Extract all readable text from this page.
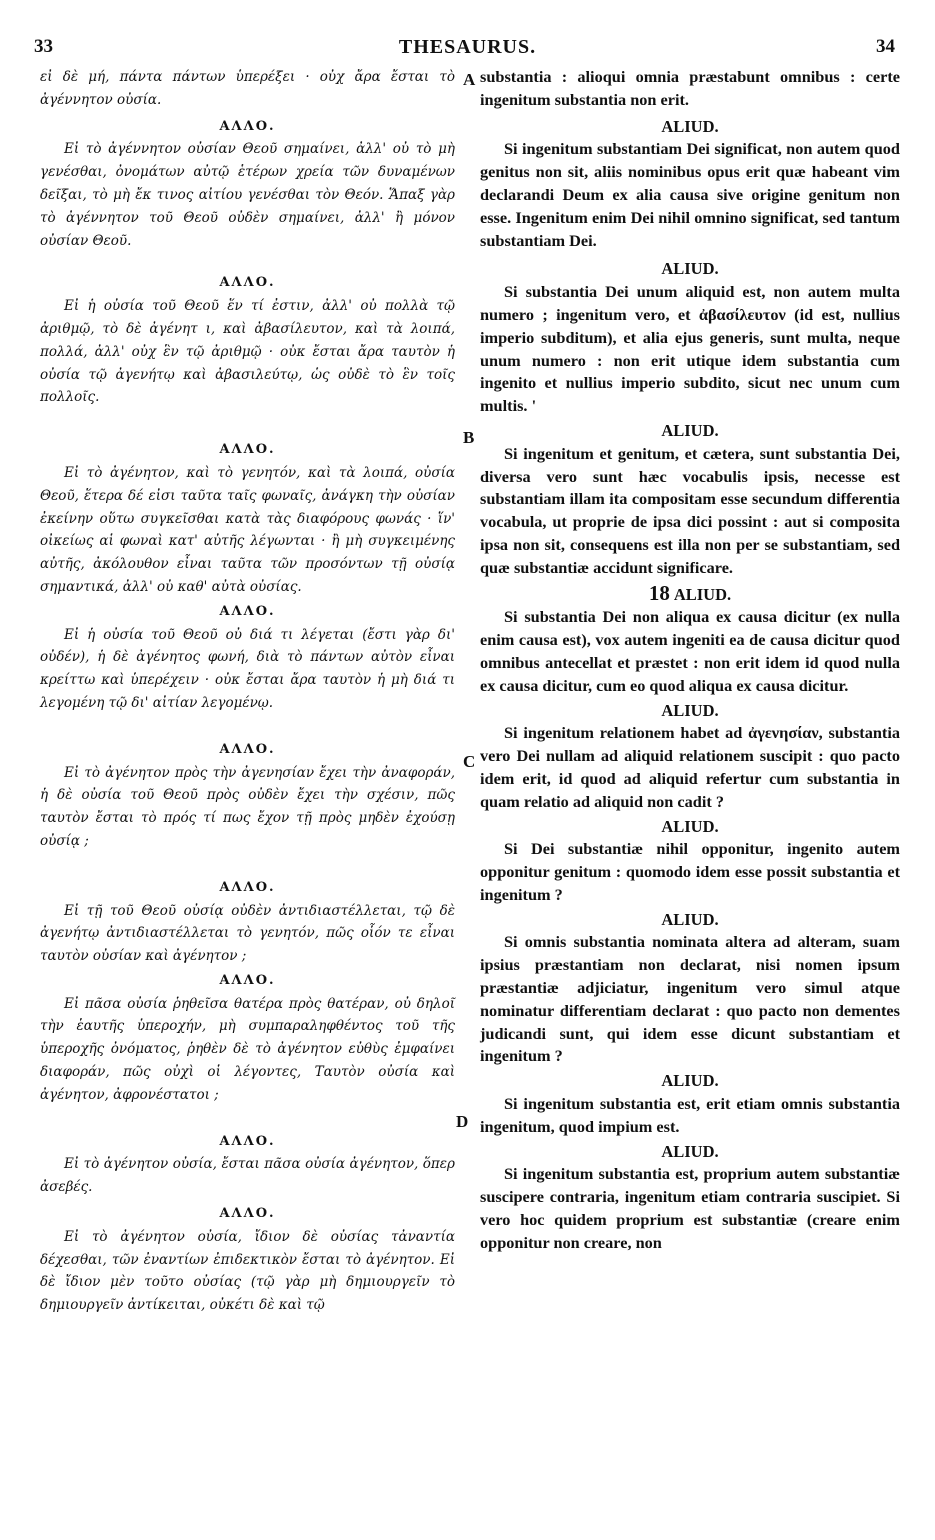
33	THESAURUS.	34

εἰ δὲ μή, πάντα πάντων ὑπερέξει · οὐχ ἄρα ἔσται τὸ ἀγέννητον οὐσία.

ΑΛΛΟ.

Εἰ τὸ ἀγέννητον οὐσίαν Θεοῦ σημαίνει, ἀλλ' οὐ τὸ μὴ γενέσθαι, ὀνομάτων αὐτῷ ἑτέρων χρεία τῶν δυναμένων δεῖξαι, τὸ μὴ ἔκ τινος αἰτίου γενέσθαι τὸν Θεόν. Ἅπαξ γὰρ τὸ ἀγέννητον τοῦ Θεοῦ οὐδὲν σημαίνει, ἀλλ' ἢ μόνον οὐσίαν Θεοῦ.

ΑΛΛΟ.

Εἰ ἡ οὐσία τοῦ Θεοῦ ἕν τί ἐστιν, ἀλλ' οὐ πολλὰ τῷ ἀριθμῷ, τὸ δὲ ἀγένητ ι, καὶ ἀβασίλευτον, καὶ τὰ λοιπά, πολλά, ἀλλ' οὐχ ἓν τῷ ἀριθμῷ · οὐκ ἔσται ἄρα ταυτὸν ἡ οὐσία τῷ ἀγενήτῳ καὶ ἀβασιλεύτῳ, ὡς οὐδὲ τὸ ἓν τοῖς πολλοῖς.

ΑΛΛΟ.

Εἰ τὸ ἀγένητον, καὶ τὸ γενητόν, καὶ τὰ λοιπά, οὐσία Θεοῦ, ἕτερα δέ εἰσι ταῦτα ταῖς φωναῖς, ἀνάγκη τὴν οὐσίαν ἐκείνην οὕτω συγκεῖσθαι κατὰ τὰς διαφόρους φωνάς · ἵν' οἰκείως αἱ φωναὶ κατ' αὐτῆς λέγωνται · ἢ μὴ συγκειμένης αὐτῆς, ἀκόλουθον εἶναι ταῦτα τῶν προσόντων τῇ οὐσίᾳ σημαντικά, ἀλλ' οὐ καθ' αὐτὰ οὐσίας.

ΑΛΛΟ.

Εἰ ἡ οὐσία τοῦ Θεοῦ οὐ διά τι λέγεται (ἔστι γὰρ δι' οὐδέν), ἡ δὲ ἀγένητος φωνή, διὰ τὸ πάντων αὐτὸν εἶναι κρείττω καὶ ὑπερέχειν · οὐκ ἔσται ἄρα ταυτὸν ἡ μὴ διά τι λεγομένη τῷ δι' αἰτίαν λεγομένῳ.

ΑΛΛΟ.

Εἰ τὸ ἀγένητον πρὸς τὴν ἀγενησίαν ἔχει τὴν ἀναφοράν, ἡ δὲ οὐσία τοῦ Θεοῦ πρὸς οὐδὲν ἔχει τὴν σχέσιν, πῶς ταυτὸν ἔσται τὸ πρός τί πως ἔχον τῇ πρὸς μηδὲν ἐχούσῃ οὐσίᾳ ;

ΑΛΛΟ.

Εἰ τῇ τοῦ Θεοῦ οὐσίᾳ οὐδὲν ἀντιδιαστέλλεται, τῷ δὲ ἀγενήτῳ ἀντιδιαστέλλεται τὸ γενητόν, πῶς οἷόν τε εἶναι ταυτὸν οὐσίαν καὶ ἀγένητον ;

ΑΛΛΟ.

Εἰ πᾶσα οὐσία ῥηθεῖσα θατέρα πρὸς θατέραν, οὐ δηλοῖ τὴν ἑαυτῆς ὑπεροχήν, μὴ συμπαραληφθέντος τοῦ τῆς ὑπεροχῆς ὀνόματος, ῥηθὲν δὲ τὸ ἀγένητον εὐθὺς ἐμφαίνει διαφοράν, πῶς οὐχὶ οἱ λέγοντες, Ταυτὸν οὐσία καὶ ἀγένητον, ἀφρονέστατοι ;

ΑΛΛΟ.

Εἰ τὸ ἀγένητον οὐσία, ἔσται πᾶσα οὐσία ἀγένητον, ὅπερ ἀσεβές.

ΑΛΛΟ.

Εἰ τὸ ἀγένητον οὐσία, ἴδιον δὲ οὐσίας τἀναντία δέχεσθαι, τῶν ἐναντίων ἐπιδεκτικὸν ἔσται τὸ ἀγένητον. Εἰ δὲ ἴδιον μὲν τοῦτο οὐσίας (τῷ γὰρ μὴ δημιουργεῖν τὸ δημιουργεῖν ἀντίκειται, οὐκέτι δὲ καὶ τῷ

A
B
C
D

substantia : alioqui omnia præstabunt omnibus : certe ingenitum substantia non erit.

ALIUD.

Si ingenitum substantiam Dei significat, non autem quod genitus non sit, aliis nominibus opus erit quæ habeant vim declarandi Deum ex alia causa sive origine genitum non esse. Ingenitum enim Dei nihil omnino significat, sed tantum substantiam Dei.

ALIUD.

Si substantia Dei unum aliquid est, non autem multa numero ; ingenitum vero, et ἀβασίλευτον (id est, nullius imperio subditum), et alia ejus generis, sunt multa, neque unum numero : non erit utique idem substantia cum ingenito et nullius imperio subdito, sicut nec unum cum multis. '

ALIUD.

Si ingenitum et genitum, et cætera, sunt substantia Dei, diversa vero sunt hæc vocabulis ipsis, necesse est substantiam illam ita compositam esse secundum differentia vocabula, ut proprie de ipsa dici possint : aut si composita ipsa non sit, consequens est illa non per se substantiam, sed quæ substantiæ accidunt significare.

18 ALIUD.

Si substantia Dei non aliqua ex causa dicitur (ex nulla enim causa est), vox autem ingeniti ea de causa dicitur quod omnibus antecellat et præstet : non erit idem id quod nulla ex causa dicitur, cum eo quod aliqua ex causa dicitur.

ALIUD.

Si ingenitum relationem habet ad ἀγενησίαν, substantia vero Dei nullam ad aliquid relationem suscipit : quo pacto idem erit, id quod ad aliquid refertur cum substantia in quam relatio ad aliquid non cadit ?

ALIUD.

Si Dei substantiæ nihil opponitur, ingenito autem opponitur genitum : quomodo idem esse possit substantia et ingenitum ?

ALIUD.

Si omnis substantia nominata altera ad alteram, suam ipsius præstantiam non declarat, nisi nomen ipsum præstantiæ adjiciatur, ingenitum vero simul atque nominatur differentiam declarat : quo pacto non dementes judicandi sunt, qui idem esse dicunt substantiam et ingenitum ?

ALIUD.

Si ingenitum substantia est, erit etiam omnis substantia ingenitum, quod impium est.

ALIUD.

Si ingenitum substantia est, proprium autem substantiæ suscipere contraria, ingenitum etiam contraria suscipiet. Si vero hoc quidem proprium est substantiæ (creare enim opponitur non creare, non
